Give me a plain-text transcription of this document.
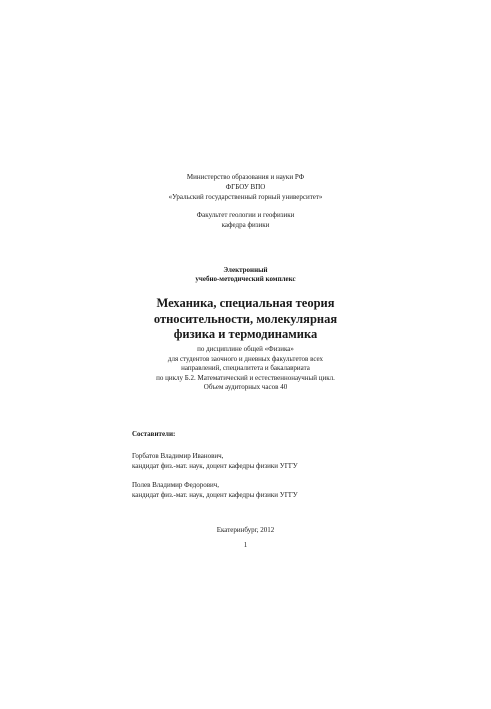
Министерство образования и науки РФ
ФГБОУ ВПО
«Уральский государственный горный университет»
Факультет геологии и геофизики
кафедра физики
Электронный
учебно-методический комплекс
Механика, специальная теория
относительности, молекулярная
физика и термодинамика
по дисциплине общей «Физика»
для студентов заочного и дневных факультетов всех
направлений, специалитета и бакалавриата
по циклу Б.2. Математический и естественнонаучный цикл.
Объем аудиторных часов 40
Составители:
Горбатов Владимир Иванович,
кандидат физ.-мат. наук, доцент кафедры физики УГГУ
Полев Владимир Федорович,
кандидат физ.-мат. наук, доцент кафедры физики УГГУ
Екатеринбург, 2012
1
